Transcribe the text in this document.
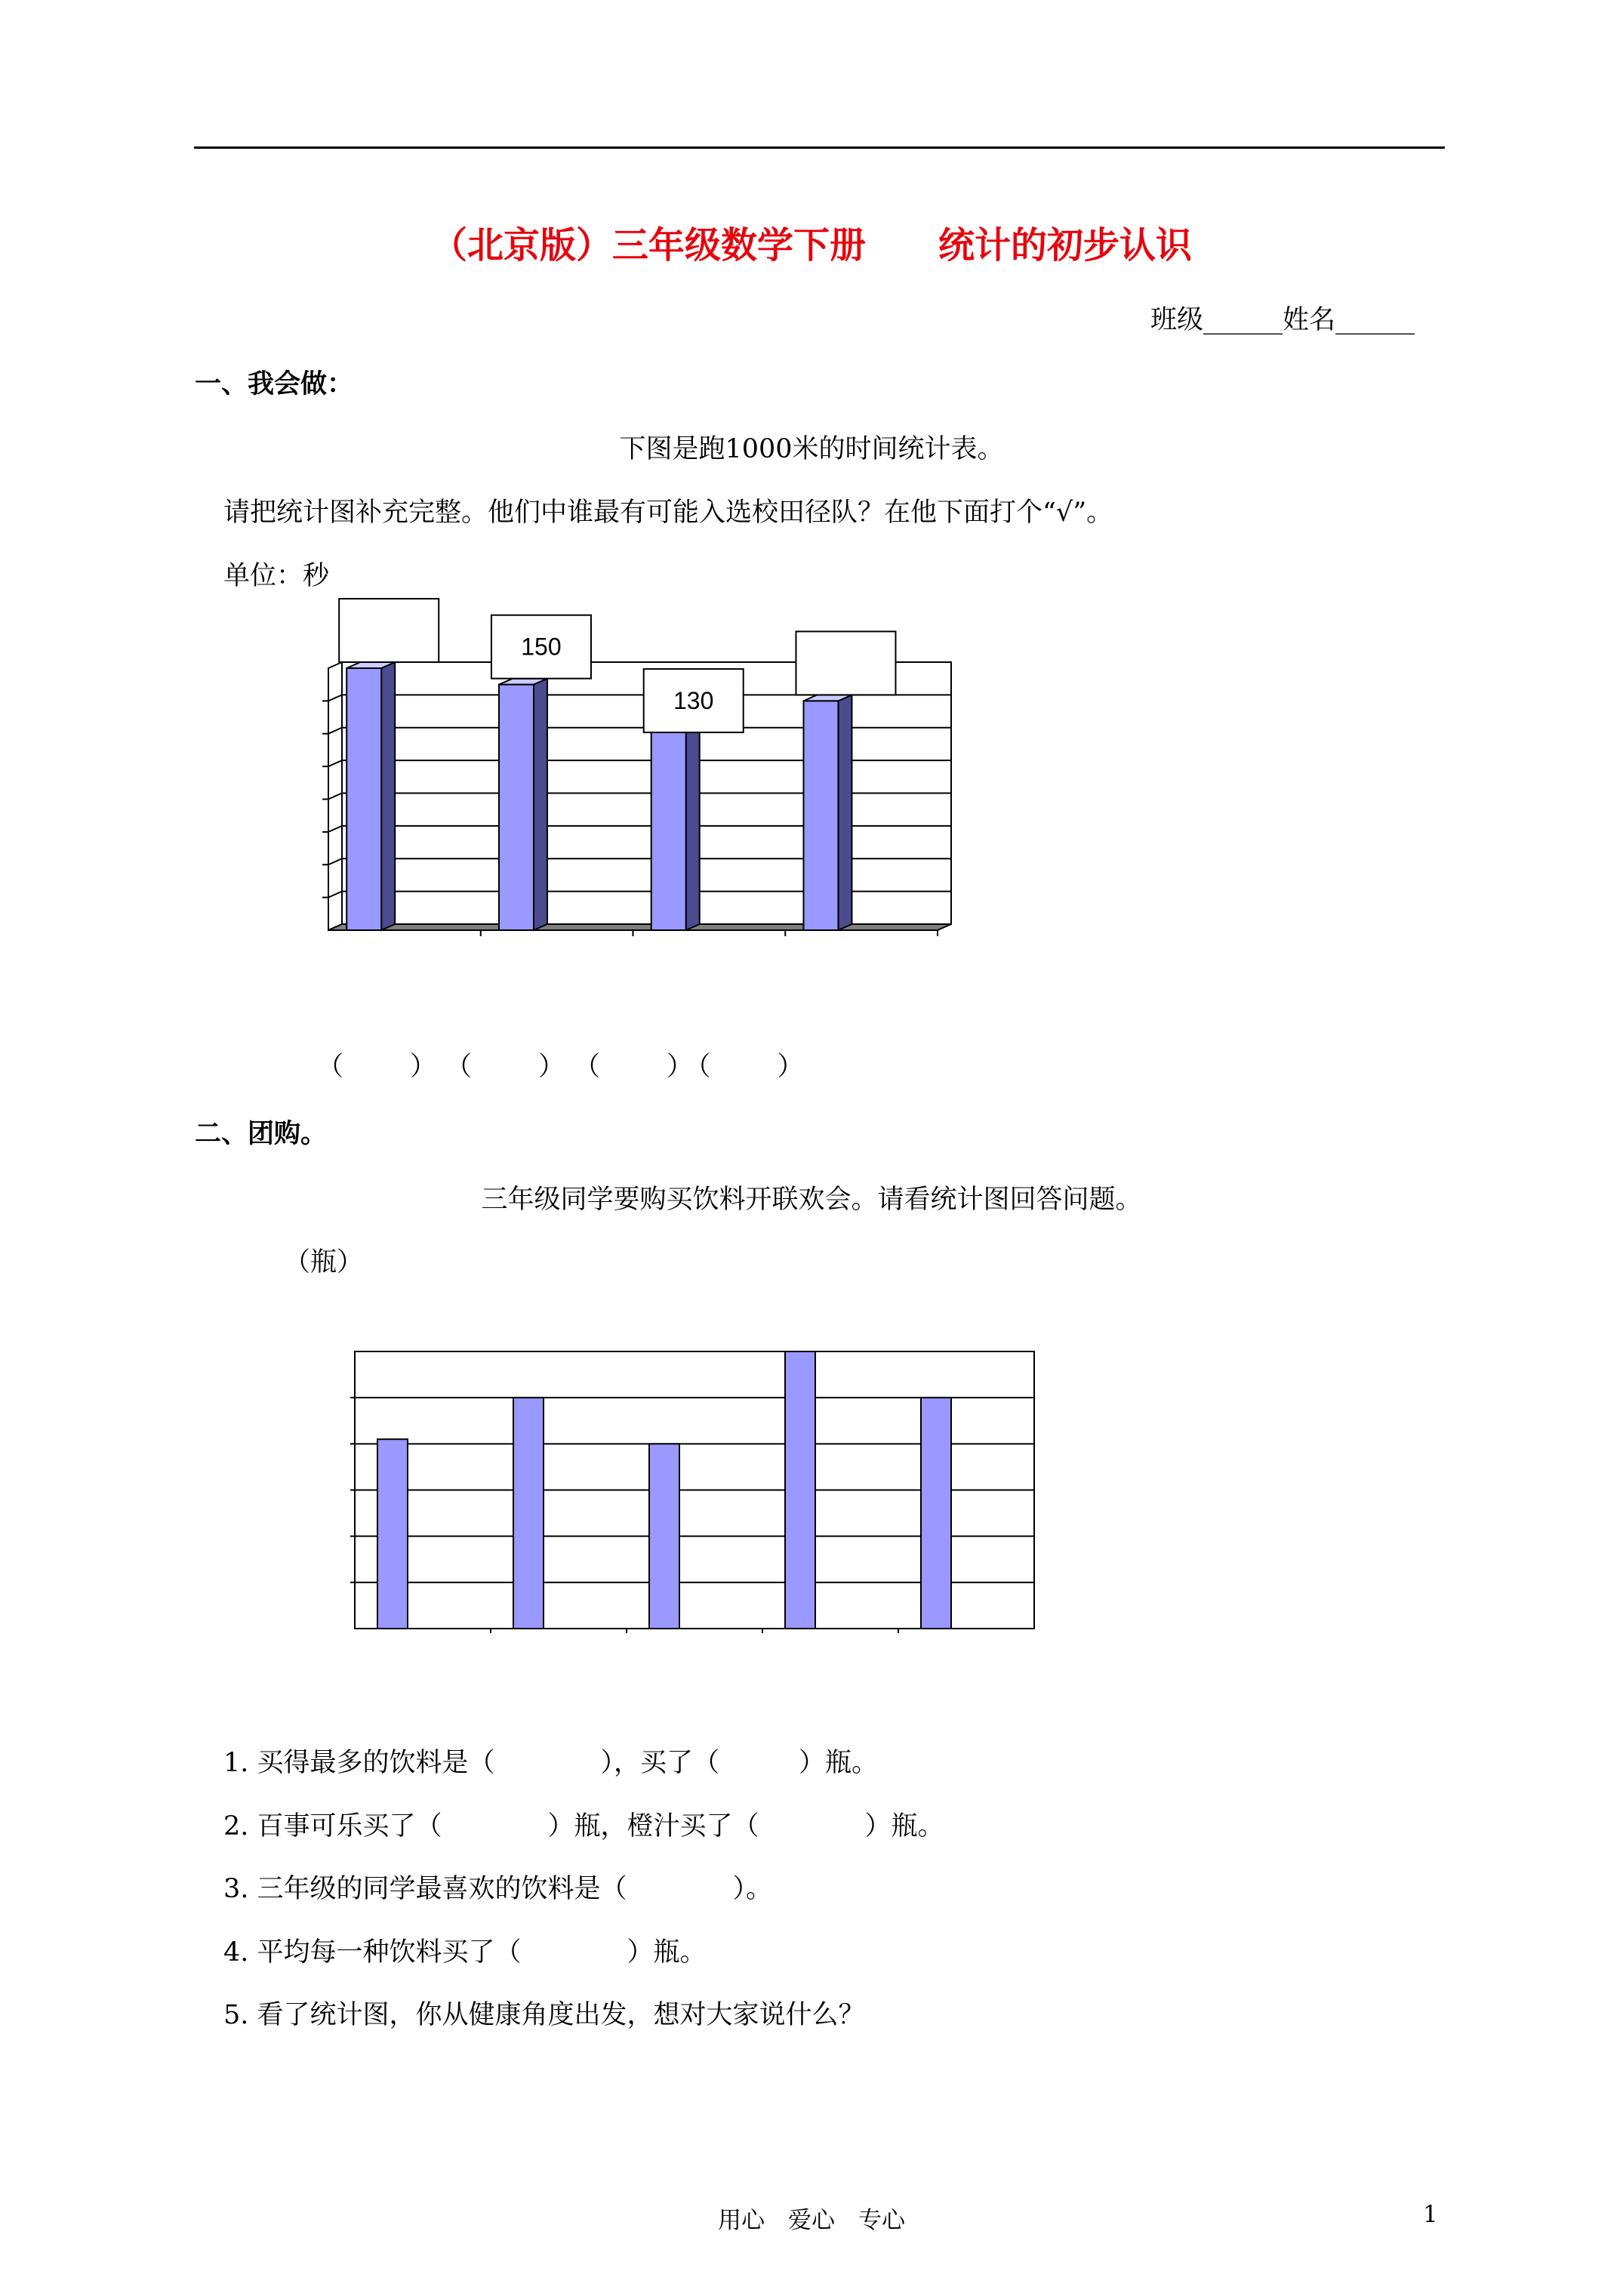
（北京版）三年级数学下册　　统计的初步认识
班级______姓名______
一、我会做：
下图是跑1000米的时间统计表。
请把统计图补充完整。他们中谁最有可能入选校田径队？在他下面打个“√”。
单位：秒
150
130
（　　）　（　　）　（　　）（　　）
二、团购。
三年级同学要购买饮料开联欢会。请看统计图回答问题。
（瓶）
1. 买得最多的饮料是（　　　　），买了（　　　）瓶。
2. 百事可乐买了（　　　　）瓶，橙汁买了（　　　　）瓶。
3. 三年级的同学最喜欢的饮料是（　　　　）。
4. 平均每一种饮料买了（　　　　）瓶。
5. 看了统计图，你从健康角度出发，想对大家说什么？
用心　爱心　专心	1
